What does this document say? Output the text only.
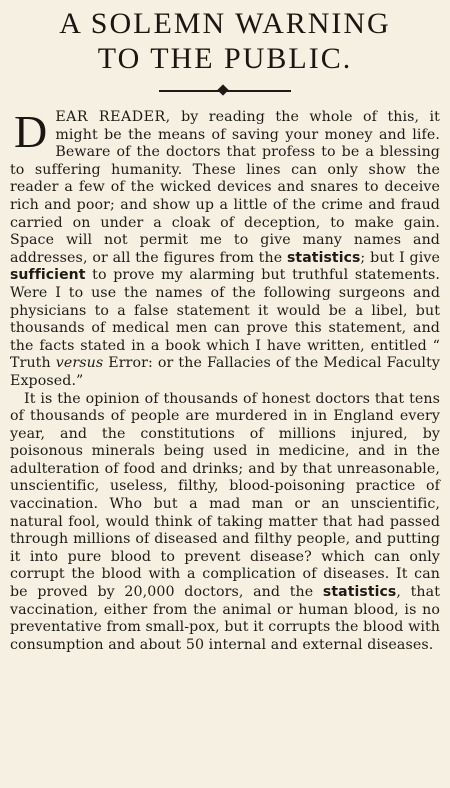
A SOLEMN WARNING
TO THE PUBLIC.

DEAR READER, by reading the whole of this, it might be the means of saving your money and life. Beware of the doctors that profess to be a blessing to suffering humanity. These lines can only show the reader a few of the wicked devices and snares to deceive rich and poor; and show up a little of the crime and fraud carried on under a cloak of deception, to make gain. Space will not permit me to give many names and addresses, or all the figures from the statistics; but I give sufficient to prove my alarming but truthful statements. Were I to use the names of the following surgeons and physicians to a false statement it would be a libel, but thousands of medical men can prove this statement, and the facts stated in a book which I have written, entitled “ Truth versus Error: or the Fallacies of the Medical Faculty Exposed.”

It is the opinion of thousands of honest doctors that tens of thousands of people are murdered in in England every year, and the constitutions of millions injured, by poisonous minerals being used in medicine, and in the adulteration of food and drinks; and by that unreasonable, unscientific, useless, filthy, blood-poisoning practice of vaccination. Who but a mad man or an unscientific, natural fool, would think of taking matter that had passed through millions of diseased and filthy people, and putting it into pure blood to prevent disease? which can only corrupt the blood with a complication of diseases. It can be proved by 20,000 doctors, and the statistics, that vaccination, either from the animal or human blood, is no preventative from small-pox, but it corrupts the blood with consumption and about 50 internal and external diseases.
